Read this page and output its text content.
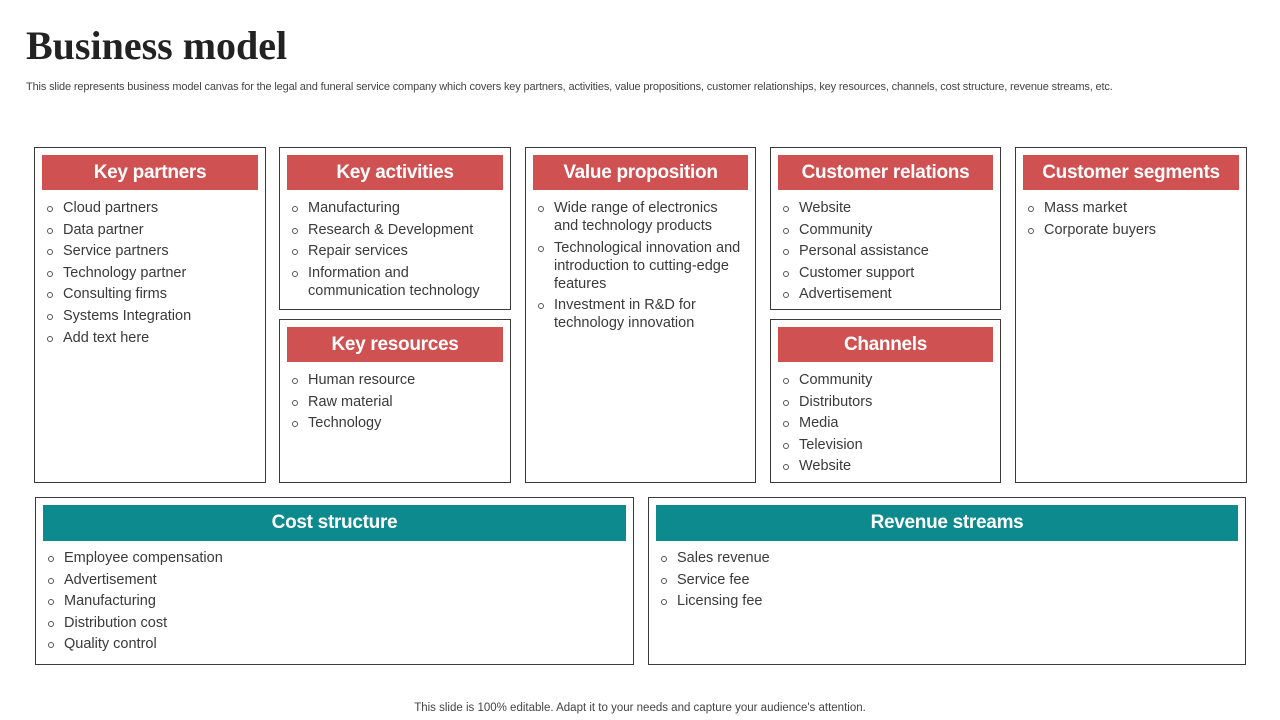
Business model
This slide represents business model canvas for the legal and funeral service company which covers key partners, activities, value propositions, customer relationships, key resources, channels, cost structure, revenue streams, etc.
Key partners
Cloud partners
Data partner
Service partners
Technology partner
Consulting firms
Systems Integration
Add text here
Key activities
Manufacturing
Research & Development
Repair services
Information and communication technology
Key resources
Human resource
Raw material
Technology
Value proposition
Wide range of electronics and technology products
Technological innovation and introduction to cutting-edge features
Investment in R&D for technology innovation
Customer relations
Website
Community
Personal assistance
Customer support
Advertisement
Channels
Community
Distributors
Media
Television
Website
Customer segments
Mass market
Corporate buyers
Cost structure
Employee compensation
Advertisement
Manufacturing
Distribution cost
Quality control
Revenue streams
Sales revenue
Service fee
Licensing fee
This slide is 100% editable. Adapt it to your needs and capture your audience's attention.
